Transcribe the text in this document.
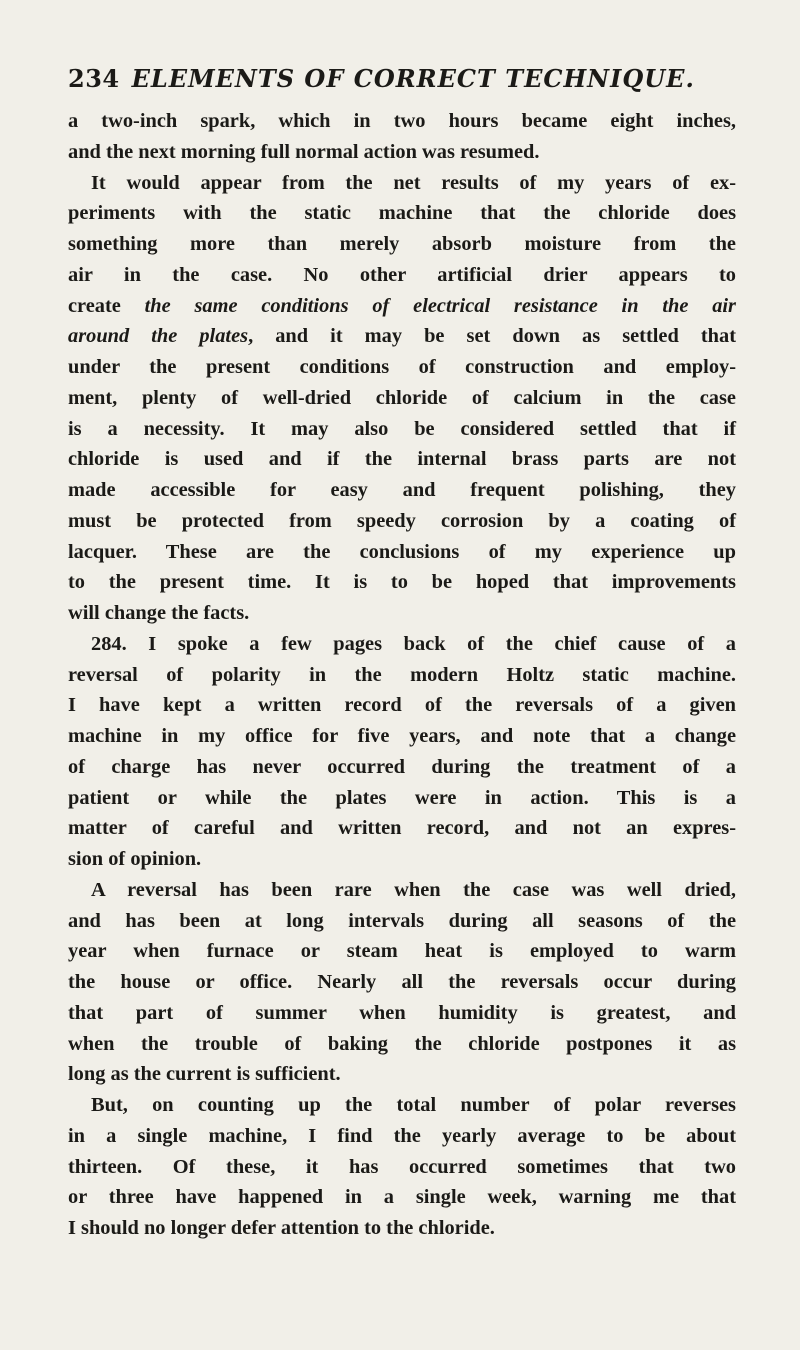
234 ELEMENTS OF CORRECT TECHNIQUE.

a two-inch spark, which in two hours became eight inches,
and the next morning full normal action was resumed.

It would appear from the net results of my years of ex-
periments with the static machine that the chloride does
something more than merely absorb moisture from the
air in the case. No other artificial drier appears to
create the same conditions of electrical resistance in the air
around the plates, and it may be set down as settled that
under the present conditions of construction and employ-
ment, plenty of well-dried chloride of calcium in the case
is a necessity. It may also be considered settled that if
chloride is used and if the internal brass parts are not
made accessible for easy and frequent polishing, they
must be protected from speedy corrosion by a coating of
lacquer. These are the conclusions of my experience up
to the present time. It is to be hoped that improvements
will change the facts.

284. I spoke a few pages back of the chief cause of a
reversal of polarity in the modern Holtz static machine.
I have kept a written record of the reversals of a given
machine in my office for five years, and note that a change
of charge has never occurred during the treatment of a
patient or while the plates were in action. This is a
matter of careful and written record, and not an expres-
sion of opinion.

A reversal has been rare when the case was well dried,
and has been at long intervals during all seasons of the
year when furnace or steam heat is employed to warm
the house or office. Nearly all the reversals occur during
that part of summer when humidity is greatest, and
when the trouble of baking the chloride postpones it as
long as the current is sufficient.

But, on counting up the total number of polar reverses
in a single machine, I find the yearly average to be about
thirteen. Of these, it has occurred sometimes that two
or three have happened in a single week, warning me that
I should no longer defer attention to the chloride.
